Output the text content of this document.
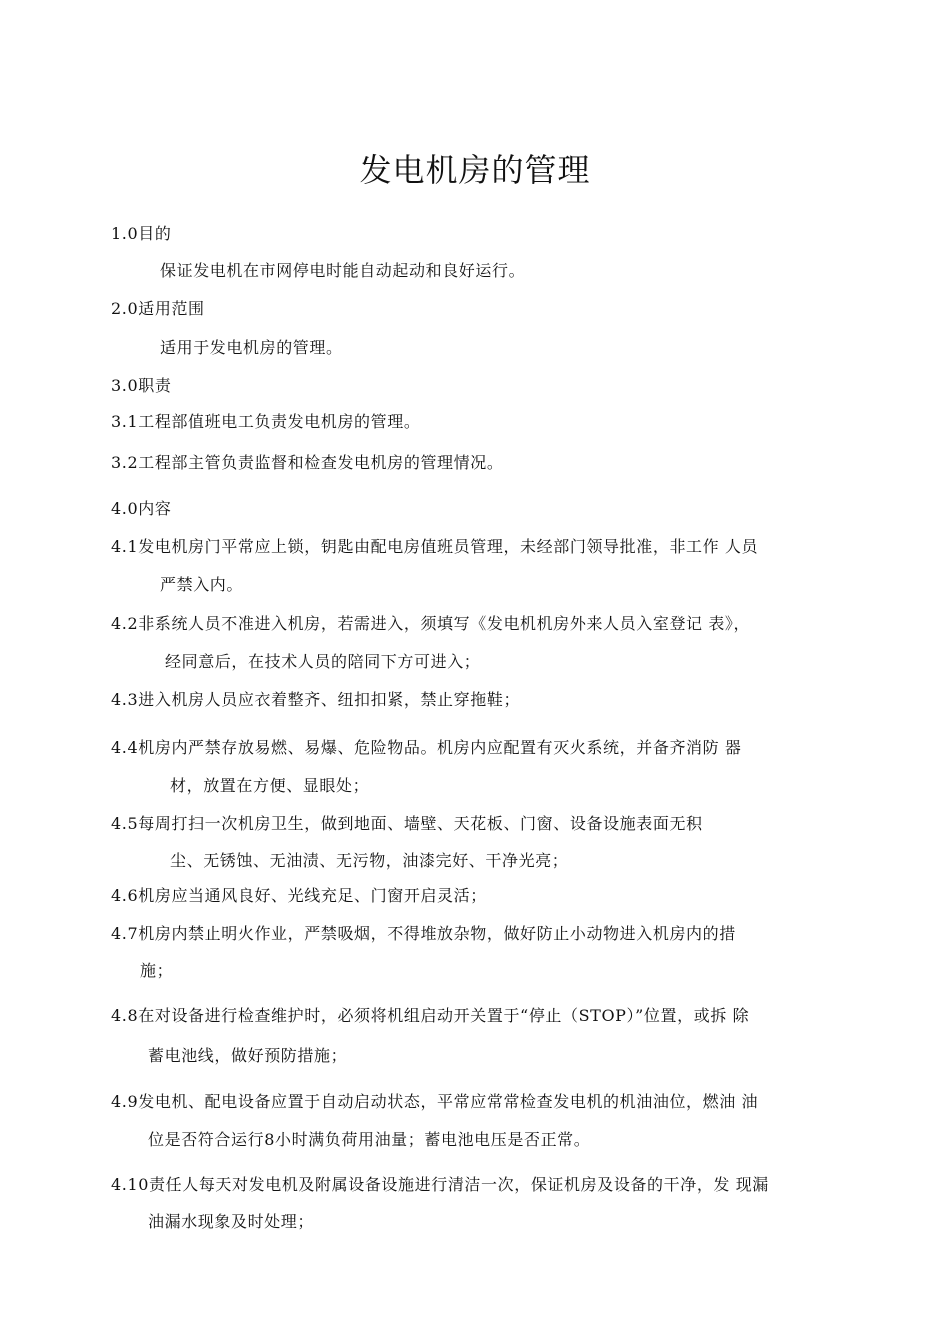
发电机房的管理
1.0目的
保证发电机在市网停电时能自动起动和良好运行。
2.0适用范围
适用于发电机房的管理。
3.0职责
3.1工程部值班电工负责发电机房的管理。
3.2工程部主管负责监督和检查发电机房的管理情况。
4.0内容
4.1发电机房门平常应上锁，钥匙由配电房值班员管理，未经部门领导批准，非工作 人员
严禁入内。
4.2非系统人员不准进入机房，若需进入，须填写《发电机机房外来人员入室登记 表》，
经同意后，在技术人员的陪同下方可进入；
4.3进入机房人员应衣着整齐、纽扣扣紧，禁止穿拖鞋；
4.4机房内严禁存放易燃、易爆、危险物品。机房内应配置有灭火系统，并备齐消防 器
材，放置在方便、显眼处；
4.5每周打扫一次机房卫生，做到地面、墙壁、天花板、门窗、设备设施表面无积
尘、无锈蚀、无油渍、无污物，油漆完好、干净光亮；
4.6机房应当通风良好、光线充足、门窗开启灵活；
4.7机房内禁止明火作业，严禁吸烟，不得堆放杂物，做好防止小动物进入机房内的措
施；
4.8在对设备进行检查维护时，必须将机组启动开关置于“停止（STOP）”位置，或拆 除
蓄电池线，做好预防措施；
4.9发电机、配电设备应置于自动启动状态，平常应常常检查发电机的机油油位，燃油 油
位是否符合运行8小时满负荷用油量；蓄电池电压是否正常。
4.10责任人每天对发电机及附属设备设施进行清洁一次，保证机房及设备的干净，发 现漏
油漏水现象及时处理；
